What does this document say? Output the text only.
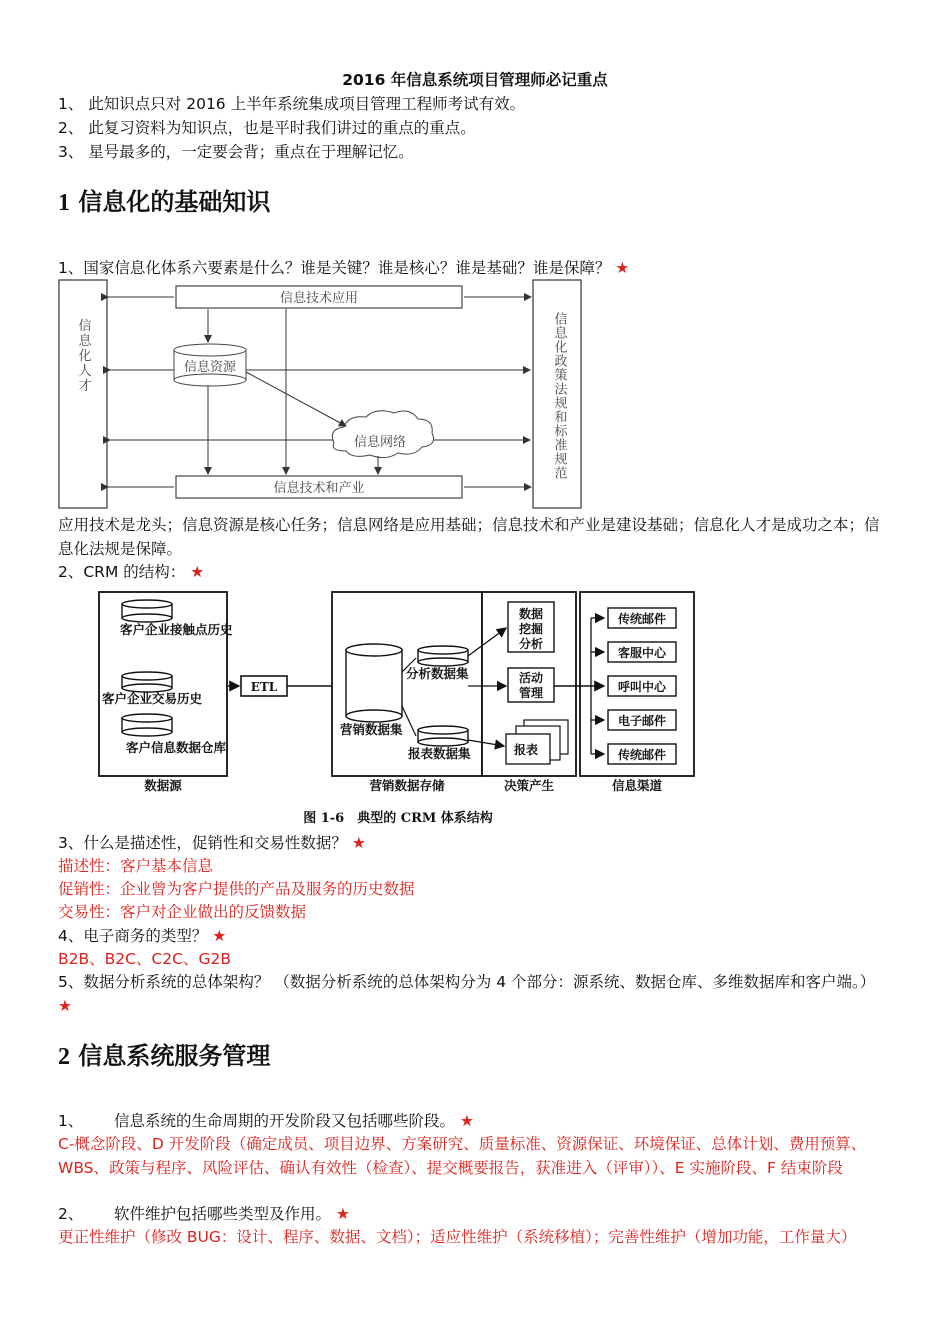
2016 年信息系统项目管理师必记重点
1、 此知识点只对 2016 上半年系统集成项目管理工程师考试有效。
2、 此复习资料为知识点，也是平时我们讲过的重点的重点。
3、 星号最多的，一定要会背；重点在于理解记忆。
1 信息化的基础知识
1、国家信息化体系六要素是什么？谁是关键？谁是核心？谁是基础？谁是保障？ ★
信息化人才	信息化政策法规和标准规范
信息技术应用
信息技术和产业
信息资源
信息网络
应用技术是龙头；信息资源是核心任务；信息网络是应用基础；信息技术和产业是建设基础；信息化人才是成功之本；信息化法规是保障。
2、CRM 的结构： ★
客户企业接触点历史
客户企业交易历史
客户信息数据仓库
数据源
ETL
营销数据集
分析数据集
报表数据集
营销数据存储
数据
挖掘
分析
活动
管理
报表
决策产生
传统邮件
客服中心
呼叫中心
电子邮件
传统邮件
信息渠道
图 1-6　典型的 CRM 体系结构
3、什么是描述性，促销性和交易性数据？ ★
描述性：客户基本信息
促销性：企业曾为客户提供的产品及服务的历史数据
交易性：客户对企业做出的反馈数据
4、电子商务的类型？ ★
B2B、B2C、C2C、G2B
5、数据分析系统的总体架构？ （数据分析系统的总体架构分为 4 个部分：源系统、数据仓库、多维数据库和客户端。） ★
2 信息系统服务管理
1、 信息系统的生命周期的开发阶段又包括哪些阶段。 ★
C-概念阶段、D 开发阶段（确定成员、项目边界、方案研究、质量标准、资源保证、环境保证、总体计划、费用预算、WBS、政策与程序、风险评估、确认有效性（检查）、提交概要报告，获准进入（评审））、E 实施阶段、F 结束阶段
2、 软件维护包括哪些类型及作用。 ★
更正性维护（修改 BUG：设计、程序、数据、文档）；适应性维护（系统移植）；完善性维护（增加功能，工作量大）
